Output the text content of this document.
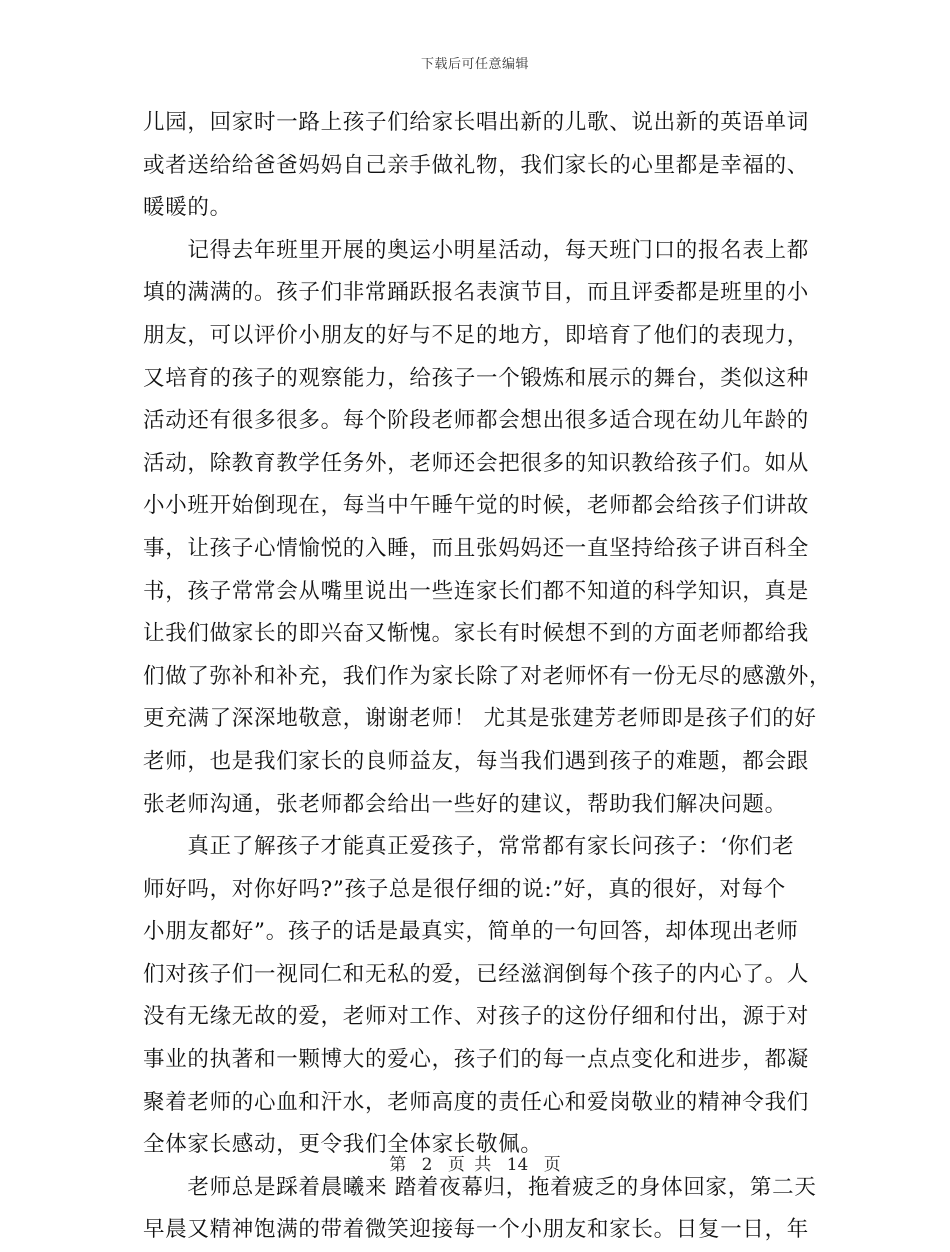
下载后可任意编辑
儿园，回家时一路上孩子们给家长唱出新的儿歌、说出新的英语单词
或者送给给爸爸妈妈自己亲手做礼物，我们家长的心里都是幸福的、
暖暖的。
　　记得去年班里开展的奥运小明星活动，每天班门口的报名表上都
填的满满的。孩子们非常踊跃报名表演节目，而且评委都是班里的小
朋友，可以评价小朋友的好与不足的地方，即培育了他们的表现力，
又培育的孩子的观察能力，给孩子一个锻炼和展示的舞台，类似这种
活动还有很多很多。每个阶段老师都会想出很多适合现在幼儿年龄的
活动，除教育教学任务外，老师还会把很多的知识教给孩子们。如从
小小班开始倒现在，每当中午睡午觉的时候，老师都会给孩子们讲故
事，让孩子心情愉悦的入睡，而且张妈妈还一直坚持给孩子讲百科全
书，孩子常常会从嘴里说出一些连家长们都不知道的科学知识，真是
让我们做家长的即兴奋又惭愧。家长有时候想不到的方面老师都给我
们做了弥补和补充，我们作为家长除了对老师怀有一份无尽的感激外，
更充满了深深地敬意，谢谢老师！ 尤其是张建芳老师即是孩子们的好
老师，也是我们家长的良师益友，每当我们遇到孩子的难题，都会跟
张老师沟通，张老师都会给出一些好的建议，帮助我们解决问题。
　　真正了解孩子才能真正爱孩子，常常都有家长问孩子：‘你们老
师好吗，对你好吗?”孩子总是很仔细的说:”好，真的很好，对每个
小朋友都好”。孩子的话是最真实，简单的一句回答，却体现出老师
们对孩子们一视同仁和无私的爱，已经滋润倒每个孩子的内心了。人
没有无缘无故的爱，老师对工作、对孩子的这份仔细和付出，源于对
事业的执著和一颗博大的爱心，孩子们的每一点点变化和进步，都凝
聚着老师的心血和汗水，老师高度的责任心和爱岗敬业的精神令我们
全体家长感动，更令我们全体家长敬佩。
　　老师总是踩着晨曦来 踏着夜幕归，拖着疲乏的身体回家，第二天
早晨又精神饱满的带着微笑迎接每一个小朋友和家长。日复一日，年
第 2 页 共 14 页
